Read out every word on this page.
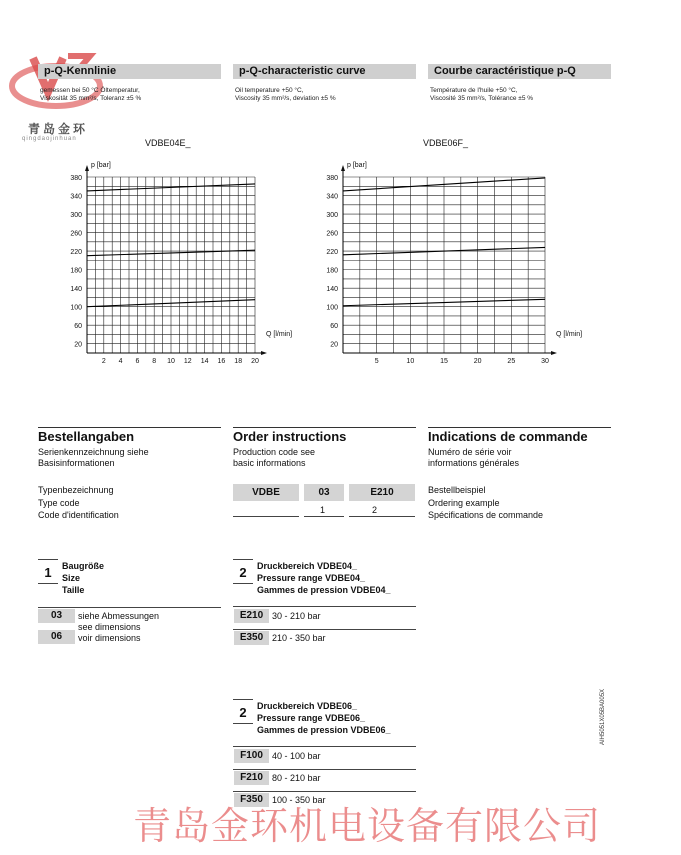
青岛金环
qingdaojinhuan
p-Q-Kennlinie	p-Q-characteristic curve	Courbe caractéristique p-Q
gemessen bei 50 °C Öltemperatur,
Viskosität 35 mm²/s, Toleranz ±5 %
Oil temperature +50 °C,
Viscosity 35 mm²/s, deviation ±5 %
Température de l'huile +50 °C,
Viscosité 35 mm²/s, Tolérance ±5 %
VDBE04E_
p [bar]
20
60
100
140
180
220
260
300
340
380
2 4 6 8 10 12 14 16 18 20
Q [l/min]
VDBE06F_
p [bar]
20
60
100
140
180
220
260
300
340
380
5	10	15	20	25	30
Q [l/min]
Bestellangaben	Order instructions	Indications de commande
Serienkennzeichnung siehe
Basisinformationen
Production code see
basic informations
Numéro de série voir
informations générales
Typenbezeichnung
Type code
Code d'identification
Bestellbeispiel
Ordering example
Spécifications de commande
VDBE	03	E210
1	2
1	Baugröße
Size
Taille
03	siehe Abmessungen
see dimensions
06	voir dimensions
2	Druckbereich VDBE04_
Pressure range VDBE04_
Gammes de pression VDBE04_
E210 30 - 210 bar
E350 210 - 350 bar
2	Druckbereich VDBE06_
Pressure range VDBE06_
Gammes de pression VDBE06_
F100	40 - 100 bar
F210	80 - 210 bar
F350	100 - 350 bar
AIH5051X05BA005X
青岛金环机电设备有限公司
